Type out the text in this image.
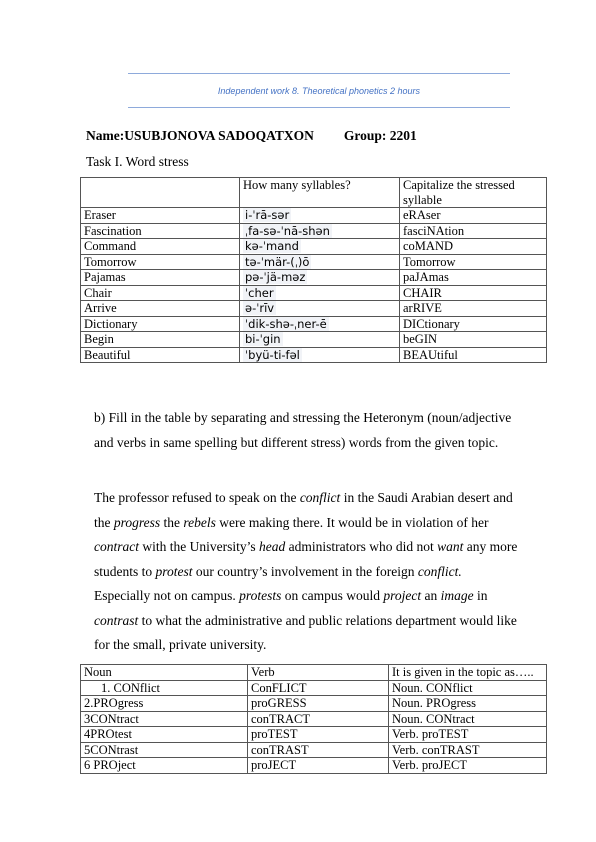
Independent work 8. Theoretical phonetics 2 hours
Name:USUBJONOVA SADOQATXON Group: 2201
Task I. Word stress
	How many syllables?	Capitalize the stressed syllable
Eraser	i-ˈrā-sər	eRAser
Fascination	ˌfa-sə-ˈnā-shən	fasciNAtion
Command	kə-ˈmand	coMAND
Tomorrow	tə-ˈmär-(ˌ)ō	Tomorrow
Pajamas	pə-ˈjä-məz	paJAmas
Chair	ˈcher	CHAIR
Arrive	ə-ˈrīv	arRIVE
Dictionary	ˈdik-shə-ˌner-ē	DICtionary
Begin	bi-ˈgin	beGIN
Beautiful	ˈbyü-ti-fəl	BEAUtiful
b) Fill in the table by separating and stressing the Heteronym (noun/adjective
and verbs in same spelling but different stress) words from the given topic.
The professor refused to speak on the conflict in the Saudi Arabian desert and
the progress the rebels were making there. It would be in violation of her
contract with the University’s head administrators who did not want any more
students to protest our country’s involvement in the foreign conflict.
Especially not on campus. protests on campus would project an image in
contrast to what the administrative and public relations department would like
for the small, private university.
Noun	Verb	It is given in the topic as…..
1. CONflict	ConFLICT	Noun. CONflict
2.PROgress	proGRESS	Noun. PROgress
3CONtract	conTRACT	Noun. CONtract
4PROtest	proTEST	Verb. proTEST
5CONtrast	conTRAST	Verb. conTRAST
6 PROject	proJECT	Verb. proJECT
